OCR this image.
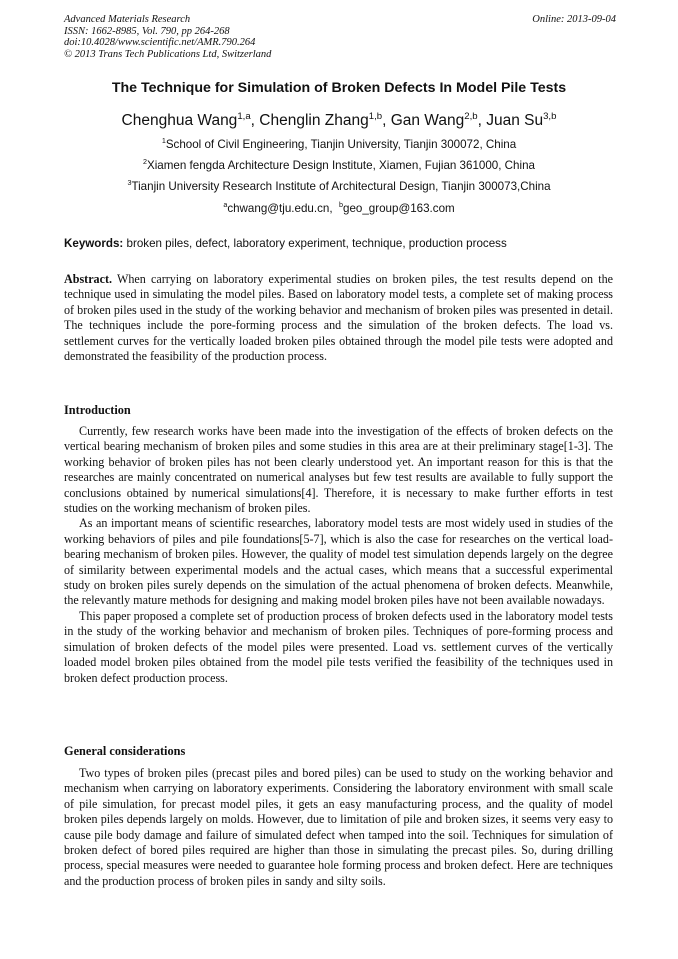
Advanced Materials Research
ISSN: 1662-8985, Vol. 790, pp 264-268
doi:10.4028/www.scientific.net/AMR.790.264
© 2013 Trans Tech Publications Ltd, Switzerland
Online: 2013-09-04
The Technique for Simulation of Broken Defects In Model Pile Tests
Chenghua Wang$^{1,a}$, Chenglin Zhang$^{1,b}$, Gan Wang$^{2,b}$, Juan Su$^{3,b}$
$^1$School of Civil Engineering, Tianjin University, Tianjin 300072, China
$^2$Xiamen fengda Architecture Design Institute, Xiamen, Fujian 361000, China
$^3$Tianjin University Research Institute of Architectural Design, Tianjin 300073,China
$^a$chwang@tju.edu.cn, $^b$geo_group@163.com
Keywords: broken piles, defect, laboratory experiment, technique, production process

Abstract. When carrying on laboratory experimental studies on broken piles, the test results depend on the technique used in simulating the model piles. Based on laboratory model tests, a complete set of making process of broken piles used in the study of the working behavior and mechanism of broken piles was presented in detail. The techniques include the pore-forming process and the simulation of the broken defects. The load vs. settlement curves for the vertically loaded broken piles obtained through the model pile tests were adopted and demonstrated the feasibility of the production process.

Introduction

Currently, few research works have been made into the investigation of the effects of broken defects on the vertical bearing mechanism of broken piles and some studies in this area are at their preliminary stage[1-3]. The working behavior of broken piles has not been clearly understood yet. An important reason for this is that the researches are mainly concentrated on numerical analyses but few test results are available to fully support the conclusions obtained by numerical simulations[4]. Therefore, it is necessary to make further efforts in test studies on the working mechanism of broken piles.

As an important means of scientific researches, laboratory model tests are most widely used in studies of the working behaviors of piles and pile foundations[5-7], which is also the case for researches on the vertical load-bearing mechanism of broken piles. However, the quality of model test simulation depends largely on the degree of similarity between experimental models and the actual cases, which means that a successful experimental study on broken piles surely depends on the simulation of the actual phenomena of broken defects. Meanwhile, the relevantly mature methods for designing and making model broken piles have not been available nowadays.

This paper proposed a complete set of production process of broken defects used in the laboratory model tests in the study of the working behavior and mechanism of broken piles. Techniques of pore-forming process and simulation of broken defects of the model piles were presented. Load vs. settlement curves of the vertically loaded model broken piles obtained from the model pile tests verified the feasibility of the techniques used in broken defect production process.

General considerations

Two types of broken piles (precast piles and bored piles) can be used to study on the working behavior and mechanism when carrying on laboratory experiments. Considering the laboratory environment with small scale of pile simulation, for precast model piles, it gets an easy manufacturing process, and the quality of model broken piles depends largely on molds. However, due to limitation of pile and broken sizes, it seems very easy to cause pile body damage and failure of simulated defect when tamped into the soil. Techniques for simulation of broken defect of bored piles required are higher than those in simulating the precast piles. So, during drilling process, special measures were needed to guarantee hole forming process and broken defect. Here are techniques and the production process of broken piles in sandy and silty soils.
